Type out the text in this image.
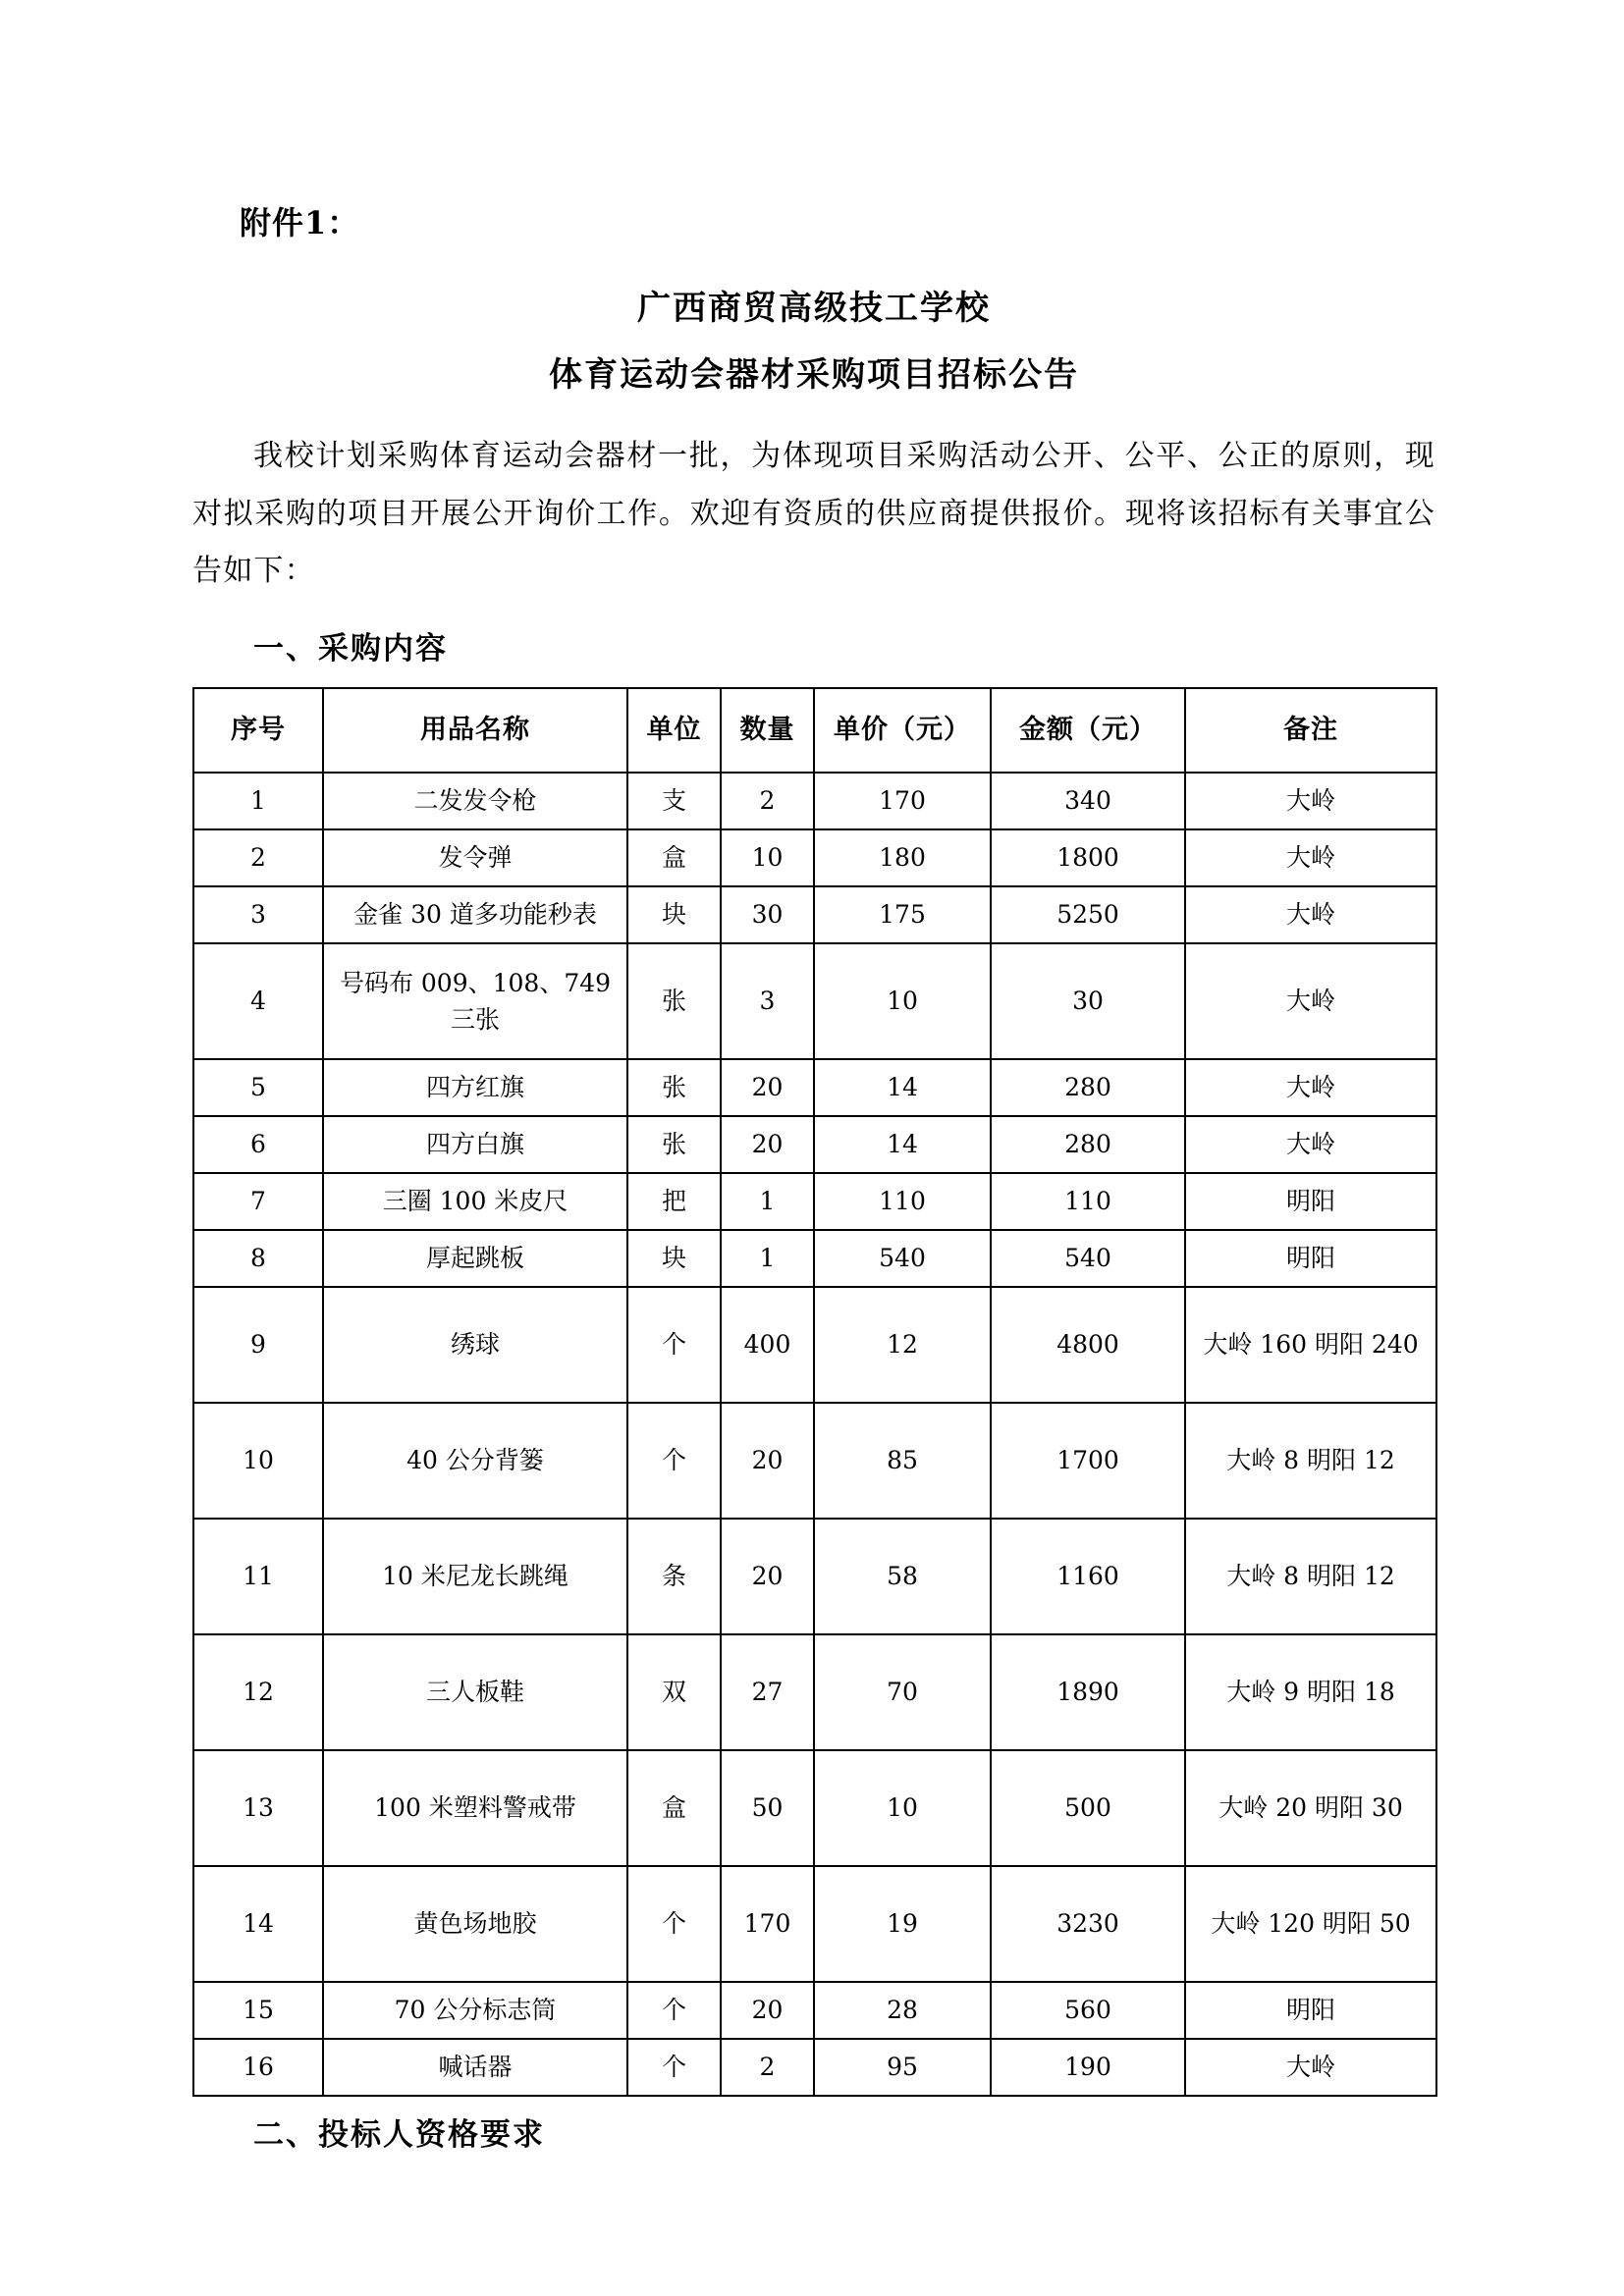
附件1：
广西商贸高级技工学校
体育运动会器材采购项目招标公告
我校计划采购体育运动会器材一批，为体现项目采购活动公开、公平、公正的原则，现对拟采购的项目开展公开询价工作。欢迎有资质的供应商提供报价。现将该招标有关事宜公告如下：
一、采购内容
序号	用品名称	单位	数量	单价（元）	金额（元）	备注
1	二发发令枪	支	2	170	340	大岭
2	发令弹	盒	10	180	1800	大岭
3	金雀 30 道多功能秒表	块	30	175	5250	大岭
4	号码布 009、108、749 三张	张	3	10	30	大岭
5	四方红旗	张	20	14	280	大岭
6	四方白旗	张	20	14	280	大岭
7	三圈 100 米皮尺	把	1	110	110	明阳
8	厚起跳板	块	1	540	540	明阳
9	绣球	个	400	12	4800	大岭 160 明阳 240
10	40 公分背篓	个	20	85	1700	大岭 8 明阳 12
11	10 米尼龙长跳绳	条	20	58	1160	大岭 8 明阳 12
12	三人板鞋	双	27	70	1890	大岭 9 明阳 18
13	100 米塑料警戒带	盒	50	10	500	大岭 20 明阳 30
14	黄色场地胶	个	170	19	3230	大岭 120 明阳 50
15	70 公分标志筒	个	20	28	560	明阳
16	喊话器	个	2	95	190	大岭
二、投标人资格要求
